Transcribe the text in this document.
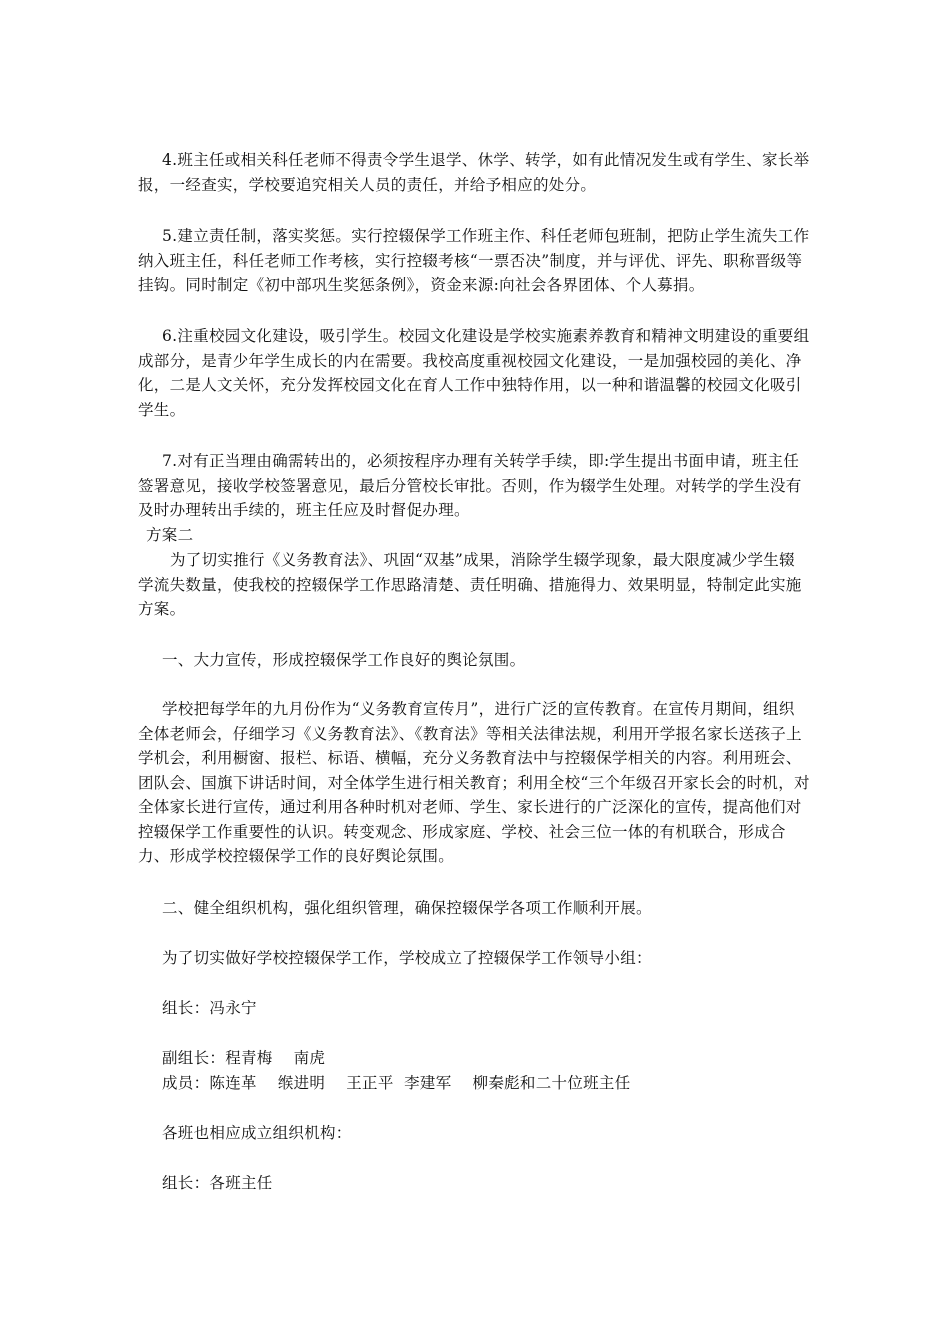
4.班主任或相关科任老师不得责令学生退学、休学、转学，如有此情况发生或有学生、家长举报，一经查实，学校要追究相关人员的责任，并给予相应的处分。

5.建立责任制，落实奖惩。实行控辍保学工作班主作、科任老师包班制，把防止学生流失工作纳入班主任，科任老师工作考核，实行控辍考核“一票否决”制度，并与评优、评先、职称晋级等挂钩。同时制定《初中部巩生奖惩条例》，资金来源:向社会各界团体、个人募捐。

6.注重校园文化建设，吸引学生。校园文化建设是学校实施素养教育和精神文明建设的重要组成部分，是青少年学生成长的内在需要。我校高度重视校园文化建设，一是加强校园的美化、净化，二是人文关怀，充分发挥校园文化在育人工作中独特作用，以一种和谐温馨的校园文化吸引学生。

7.对有正当理由确需转出的，必须按程序办理有关转学手续，即:学生提出书面申请，班主任签署意见，接收学校签署意见，最后分管校长审批。否则，作为辍学生处理。对转学的学生没有及时办理转出手续的，班主任应及时督促办理。

方案二

为了切实推行《义务教育法》、巩固“双基”成果，消除学生辍学现象，最大限度减少学生辍学流失数量，使我校的控辍保学工作思路清楚、责任明确、措施得力、效果明显，特制定此实施方案。

一、大力宣传，形成控辍保学工作良好的舆论氛围。

学校把每学年的九月份作为“义务教育宣传月”，进行广泛的宣传教育。在宣传月期间，组织全体老师会，仔细学习《义务教育法》、《教育法》等相关法律法规，利用开学报名家长送孩子上学机会，利用橱窗、报栏、标语、横幅，充分义务教育法中与控辍保学相关的内容。利用班会、团队会、国旗下讲话时间，对全体学生进行相关教育；利用全校“三个年级召开家长会的时机，对全体家长进行宣传，通过利用各种时机对老师、学生、家长进行的广泛深化的宣传，提高他们对控辍保学工作重要性的认识。转变观念、形成家庭、学校、社会三位一体的有机联合，形成合力、形成学校控辍保学工作的良好舆论氛围。

二、健全组织机构，强化组织管理，确保控辍保学各项工作顺利开展。

为了切实做好学校控辍保学工作，学校成立了控辍保学工作领导小组：

组长：冯永宁

副组长：程青梅　 南虎

成员：陈连革　 缑进明　 王正平  李建军　 柳秦彪和二十位班主任

各班也相应成立组织机构：

组长：各班主任
